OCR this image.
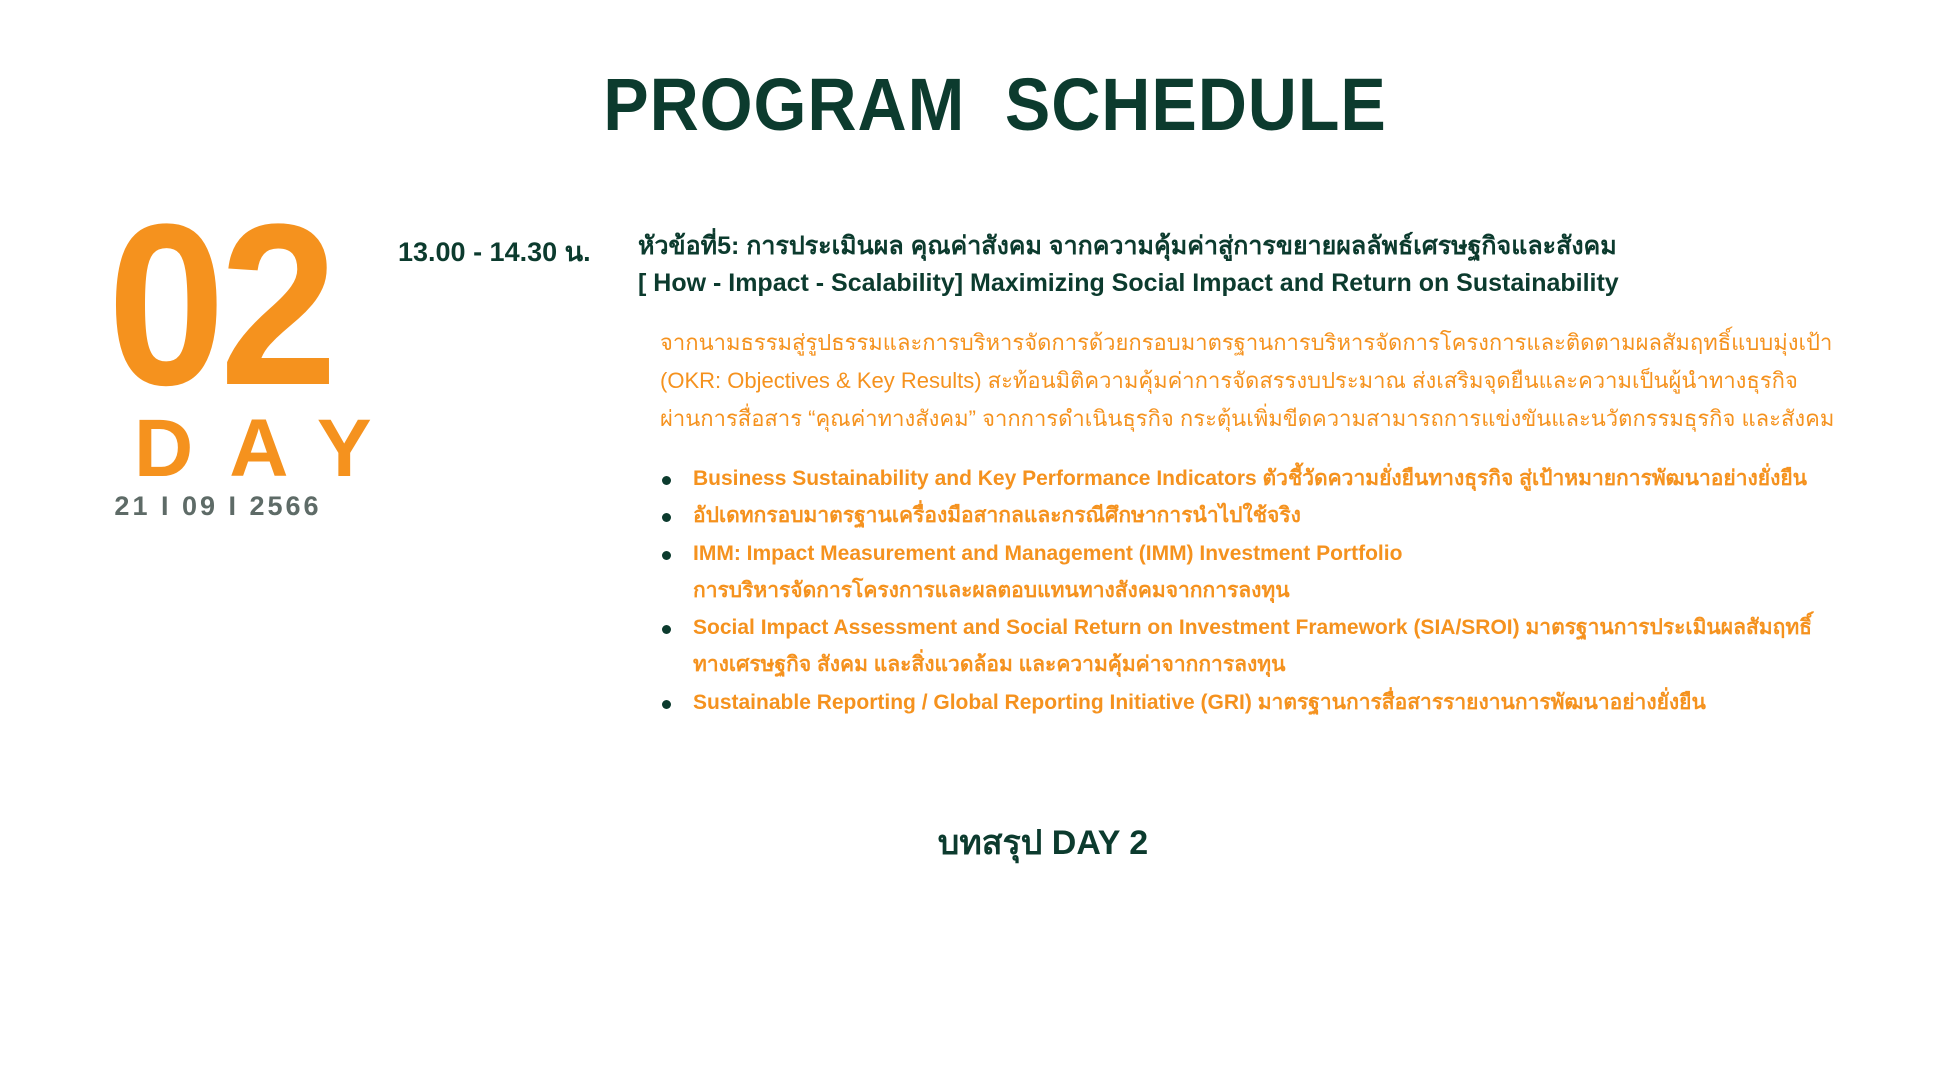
PROGRAM  SCHEDULE
02
DAY
21 I 09 I 2566
13.00 - 14.30 น. หัวข้อที่5: การประเมินผล คุณค่าสังคม จากความคุ้มค่าสู่การขยายผลลัพธ์เศรษฐกิจและสังคม
[ How - Impact - Scalability] Maximizing Social Impact and Return on Sustainability
จากนามธรรมสู่รูปธรรมและการบริหารจัดการด้วยกรอบมาตรฐานการบริหารจัดการโครงการและติดตามผลสัมฤทธิ์แบบมุ่งเป้า
(OKR: Objectives & Key Results) สะท้อนมิติความคุ้มค่าการจัดสรรงบประมาณ ส่งเสริมจุดยืนและความเป็นผู้นำทางธุรกิจ
ผ่านการสื่อสาร “คุณค่าทางสังคม” จากการดำเนินธุรกิจ กระตุ้นเพิ่มขีดความสามารถการแข่งขันและนวัตกรรมธุรกิจ และสังคม
Business Sustainability and Key Performance Indicators ตัวชี้วัดความยั่งยืนทางธุรกิจ สู่เป้าหมายการพัฒนาอย่างยั่งยืน
อัปเดทกรอบมาตรฐานเครื่องมือสากลและกรณีศึกษาการนำไปใช้จริง
IMM: Impact Measurement and Management (IMM) Investment Portfolio
การบริหารจัดการโครงการและผลตอบแทนทางสังคมจากการลงทุน
Social Impact Assessment and Social Return on Investment Framework (SIA/SROI) มาตรฐานการประเมินผลสัมฤทธิ์
ทางเศรษฐกิจ สังคม และสิ่งแวดล้อม และความคุ้มค่าจากการลงทุน
Sustainable Reporting / Global Reporting Initiative (GRI) มาตรฐานการสื่อสารรายงานการพัฒนาอย่างยั่งยืน
บทสรุป DAY 2
